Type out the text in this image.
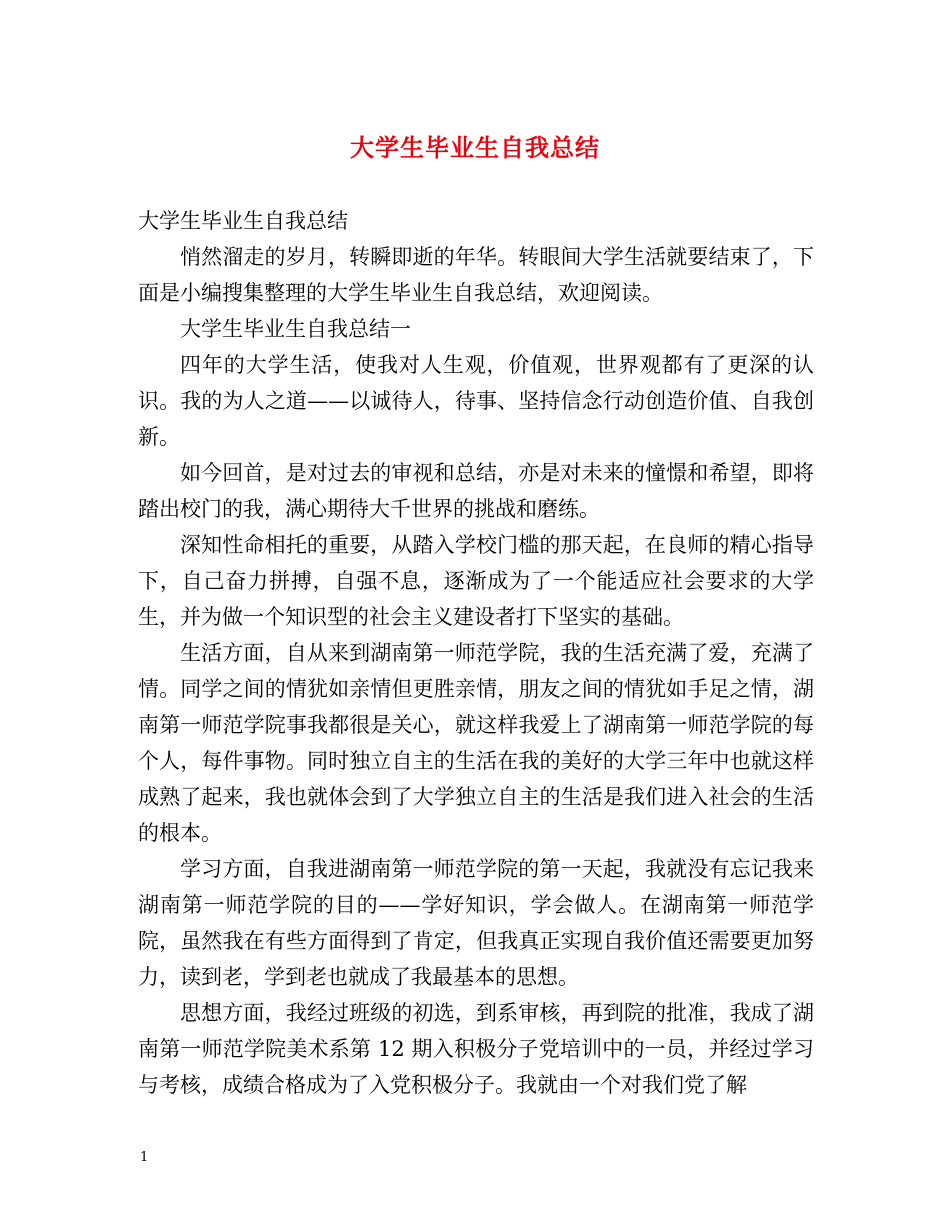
大学生毕业生自我总结

大学生毕业生自我总结

悄然溜走的岁月，转瞬即逝的年华。转眼间大学生活就要结束了，下面是小编搜集整理的大学生毕业生自我总结，欢迎阅读。

大学生毕业生自我总结一

四年的大学生活，使我对人生观，价值观，世界观都有了更深的认识。我的为人之道——以诚待人，待事、坚持信念行动创造价值、自我创新。

如今回首，是对过去的审视和总结，亦是对未来的憧憬和希望，即将踏出校门的我，满心期待大千世界的挑战和磨练。

深知性命相托的重要，从踏入学校门槛的那天起，在良师的精心指导下，自己奋力拼搏，自强不息，逐渐成为了一个能适应社会要求的大学生，并为做一个知识型的社会主义建设者打下坚实的基础。

生活方面，自从来到湖南第一师范学院，我的生活充满了爱，充满了情。同学之间的情犹如亲情但更胜亲情，朋友之间的情犹如手足之情，湖南第一师范学院事我都很是关心，就这样我爱上了湖南第一师范学院的每个人，每件事物。同时独立自主的生活在我的美好的大学三年中也就这样成熟了起来，我也就体会到了大学独立自主的生活是我们进入社会的生活的根本。

学习方面，自我进湖南第一师范学院的第一天起，我就没有忘记我来湖南第一师范学院的目的——学好知识，学会做人。在湖南第一师范学院，虽然我在有些方面得到了肯定，但我真正实现自我价值还需要更加努力，读到老，学到老也就成了我最基本的思想。

思想方面，我经过班级的初选，到系审核，再到院的批准，我成了湖南第一师范学院美术系第 12 期入积极分子党培训中的一员，并经过学习与考核，成绩合格成为了入党积极分子。我就由一个对我们党了解

1
